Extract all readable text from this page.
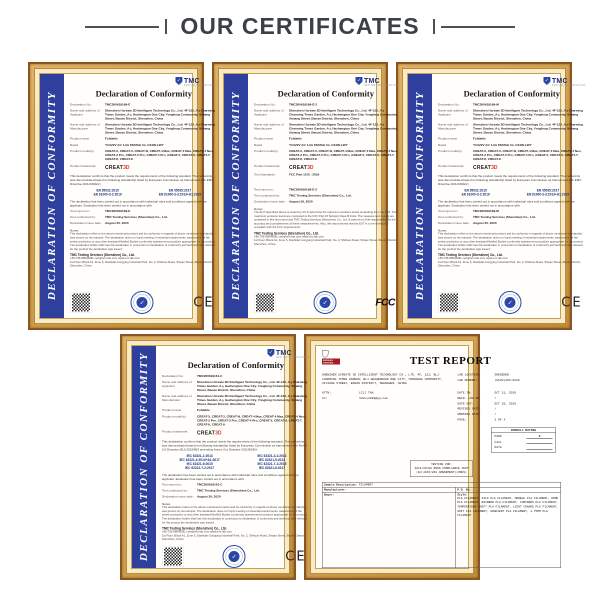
OUR CERTIFICATES
DECLARATION OF CONFORMITY
✓
TMC
TESTING CERTIFICATION
Declaration of Conformity
Declaration No.:	TMC200619169-E
Name and address of Applicant
Shenzhen Ucreate 3D Intelligent Technology Co., Ltd. 4F-122, A-j Charming Times Garden, A-j, Hezhengtun One City, Yongfeng Community, Xixiang Street, Baoan District, Shenzhen, China
Name and address of Manufacturer
Shenzhen Ucreate 3D Intelligent Technology Co., Ltd. 4F-122, A-j Charming Times Garden, A-j, Hezhengtun One City, Yongfeng Community, Xixiang Street, Baoan District, Shenzhen, China
Product name	Foldable
Rated	YC220V AC 4.2A 50/60Hz CL-C04W-LWY
Product model(s)	CREAT-3, CREAT-3, CREAT-N, CREAT-4 Max, CREAT-4 Max, CREAT-4 Neo, CREAT-2 Pro, CREAT-3 Pro, CREAT-4 Pro, CREAT-5, CREAT-6, CREAT-7, CREAT-8, CREAT-9
Product trademark CREAT3D
This declaration confirms that the product meets the requirements of the following standard. The conformity was demonstrated based on following standard(s) listed by European Commission as harmonized with EMC Directive (2014/30/EU):
EN 55032:2015	EN 55035:2017
EN 61000-3-2:2019	EN 61000-3-3:2013+A1:2019
The declaration has been carried out in accordance with individual rules and conditions agreed with the applicant. Evaluation has been carried out in accordance with:
Test report no.:	TMC200619169-E
Test conducted by:	TMC Testing Services (Shenzhen) Co., Ltd.
Declaration issue date: August 20, 2020
Notes:
This declaration refers to the above mentioned product and its conformity in regards of above mentioned standard(s) was proven on test sample. The declaration does not imply meeting of essential requirements, assessment of the series production or any other assistant/Notified Bodies conformity assessment procedure appropriate for the product. The declaration holder shall use this declaration in connection to declaration of conformity and technical data relevant for the product the declaration was issued.
TMC Testing Services (Shenzhen) Co., Ltd.
+86-755-88943381 cert@tmc-lab.com www.tmc-lab.com
1st Floor, Block A1, Zone 5, Dashidai Gongying Industrial Park, No. 2, Shihuan Road, Shiyan Street, Baoan District, Shenzhen, China
✓
CE
DECLARATION OF CONFORMITY
✓
TMC
TESTING CERTIFICATION
Declaration of Conformity
Declaration No.:	TMC200619169-E-2
Name and address of Applicant
Shenzhen Ucreate 3D Intelligent Technology Co., Ltd. 4F-122, A-j Charming Times Garden, A-j, Hezhengtun One City, Yongfeng Community, Xixiang Street, Baoan District, Shenzhen, China
Name and address of Manufacturer
Shenzhen Ucreate 3D Intelligent Technology Co., Ltd. 4F-122, A-j Charming Times Garden, A-j, Hezhengtun One City, Yongfeng Community, Xixiang Street, Baoan District, Shenzhen, China
Product name	Foldable
Rated	YC220V AC 4.2A 50/60Hz CL-C04W-LWY
Product model(s)	CREAT-3, CREAT-3, CREAT-N, CREAT-4 Max, CREAT-4 Max, CREAT-4 Neo, CREAT-2 Pro, CREAT-3 Pro, CREAT-4 Pro, CREAT-5, CREAT-6, CREAT-7, CREAT-8, CREAT-9
Product trademark CREAT3D
Test Standards:	FCC Part 15 B : 2019
Test report no.:	TMC200619169-E-2
Test conducted by:	TMC Testing Services (Shenzhen) Co., Ltd.
Declaration issue date: August 29, 2020
Notes:
The EUT described above is tested by US & determine the maximum emission levels emanating from the EUT. The maximum emission levels are compared to the FCC Part 15 Subpart Class B limits. The measurement results are contained in this test report and TMC Testing Services (Shenzhen) Co., Ltd. is assumed of full responsibility for the accuracy and completeness of these measurements. Also, this report shows that the EUT is to be technically compliant with the FCC requirements.
TMC Testing Services (Shenzhen) Co., Ltd.
+86-755-88943381 cert@tmc-lab.com www.tmc-lab.com
1st Floor, Block A1, Zone 5, Dashidai Gongying Industrial Park, No. 2, Shihuan Road, Shiyan Street, Baoan District, Shenzhen, China
✓
FCC
DECLARATION OF CONFORMITY
✓
TMC
TESTING CERTIFICATION
Declaration of Conformity
Declaration No.:	TMC200619169-M
Name and address of Applicant
Shenzhen Ucreate 3D Intelligent Technology Co., Ltd. 4F-122, A-j Charming Times Garden, A-j, Hezhengtun One City, Yongfeng Community, Xixiang Street, Baoan District, Shenzhen, China
Name and address of Manufacturer
Shenzhen Ucreate 3D Intelligent Technology Co., Ltd. 4F-122, A-j Charming Times Garden, A-j, Hezhengtun One City, Yongfeng Community, Xixiang Street, Baoan District, Shenzhen, China
Product name	Foldable
Rated	YC220V AC 4.2A 50/60Hz CL-C04W-LWY
Product model(s)	CREAT-3, CREAT-3, CREAT-N, CREAT-4 Max, CREAT-4 Max, CREAT-4 Neo, CREAT-2 Pro, CREAT-3 Pro, CREAT-4 Pro, CREAT-5, CREAT-6, CREAT-7, CREAT-8, CREAT-9
Product trademark CREAT3D
This declaration confirms that the product meets the requirements of the following standard. The conformity was demonstrated based on following standard(s) listed by European Commission as harmonized with EMC Directive (2014/30/EU):
EN 55032:2015	EN 55035:2017
EN 61000-3-2:2019	EN 61000-3-3:2013+A1:2019
The declaration has been carried out in accordance with individual rules and conditions agreed with the applicant. Evaluation has been carried out in accordance with:
Test report no.:	TMC200619169-M
Test conducted by:	TMC Testing Services (Shenzhen) Co., Ltd.
Declaration issue date: August 20, 2020
Notes:
This declaration refers to the above mentioned product and its conformity in regards of above mentioned standard(s) was proven on test sample. The declaration does not imply meeting of essential requirements, assessment of the series production or any other assistant/Notified Bodies conformity assessment procedure appropriate for the product. The declaration holder shall use this declaration in connection to declaration of conformity and technical data relevant for the product the declaration was issued.
TMC Testing Services (Shenzhen) Co., Ltd.
+86-755-88943381 cert@tmc-lab.com www.tmc-lab.com
1st Floor, Block A1, Zone 5, Dashidai Gongying Industrial Park, No. 2, Shihuan Road, Shiyan Street, Baoan District, Shenzhen, China
✓
CE
DECLARATION OF CONFORMITY ✓	TMC
TESTING CERTIFICATION
Declaration of Conformity
Declaration No.:	TMC200619161-C
Name and address of Applicant
Shenzhen Ucreate 3D Intelligent Technology Co., Ltd. 4F-122, A-j Charming Times Garden, A-j, Hezhengtun One City, Yongfeng Community, Xixiang Street, Baoan District, Shenzhen, China
Name and address of Manufacturer
Shenzhen Ucreate 3D Intelligent Technology Co., Ltd. 4F-122, A-j Charming Times Garden, A-j, Hezhengtun One City, Yongfeng Community, Xixiang Street, Baoan District, Shenzhen, China
Product name	Foldable
Product model(s)	CREAT-3, CREAT-3, CREAT-N, CREAT-4 Max, CREAT-4 Max, CREAT-4 Neo, CREAT-2 Pro, CREAT-3 Pro, CREAT-4 Pro, CREAT-5, CREAT-6, CREAT-7, CREAT-8, CREAT-9
Product trademark CREAT3D
This declaration confirms that the product meets the requirements of the following standard. The conformity was demonstrated based on following standard(s) listed by European Commission as harmonized with RoHS 2.0 Directive (EU) 2015/863 amending Annex II to Directive 2011/65/EU:
IEC 62321-1:2013	IEC 62321-3-1:2013
IEC 62321-4:2013+A1:2017	IEC 62321-5:2013
IEC 62321-6:2015	IEC 62321-7-1:2015
IEC 62321-7-2:2017	IEC 62321-8:2017
The declaration has been carried out in accordance with individual rules and conditions agreed with the applicant. Evaluation has been carried out in accordance with:
Test report no.:	TMC200619161-C
Test conducted by:	TMC Testing Services (Shenzhen) Co., Ltd.
Declaration issue date: August 29, 2020
Notes:
This declaration refers to the above mentioned product and its conformity in regards of above mentioned standard(s) was proven on test sample. The declaration does not imply meeting of essential requirements, assessment of the series production or any other assistant/Notified Bodies conformity assessment procedure appropriate for the product. The declaration holder shall use this declaration in connection to declaration of conformity and technical data relevant for the product the declaration was issued.
TMC Testing Services (Shenzhen) Co., Ltd.
+86-755-88943381 cert@tmc-lab.com www.tmc-lab.com
1st Floor, Block A1, Zone 5, Dashidai Gongying Industrial Park, No. 2, Shihuan Road, Shiyan Street, Baoan District, Shenzhen, China
✓
CE
BUREAU VERITAS	TEST REPORT
SHENZHEN UCREATE 3D INTELLIGENT TECHNOLOGY CO., LTD. 4F, 122, BLJ CHARMING TIMES GARDEN, BLJ HEZHENGDUN ONE CITY, YONGFENG COMMUNITY, XIXIANG STREET, BAOAN DISTRICT, SHENZHEN, CHINA
LAB LOCATION:	SHENZHEN
LAB NUMBER:	(8520)295-0232
ATTN:	LILI TAN
CC:	3dsky1983@qq.com
DATE IN:	OCT 21, 2020
RECD. LOG IN:	/
DATE OUT:	OCT 26, 2020
REVISED DATE:	/
WORKING DATE:	/
PAGE:	2 OF 4
OVERALL RATING
PASS	X
FAIL
DATA
TESTING FOR:
2011/65/EU ROHS COMPLIANCE TEST
(EU 2015/863 AMENDMENT)(ROHS)
Sample Description: FILAMENT
Manufacturer:
Buyer:
P.O. No.:
Style:
PLA FILAMENT, SILK PLA FILAMENT, MARBLE PLA FILAMENT, WOOD PLA FILAMENT, RAINBOW PLA FILAMENT, LUMINOUS PLA FILAMENT, TEMPERATURE SHIFT PLA FILAMENT, LIGHT CHANGE PLA FILAMENT, SOFT PLA FILAMENT, GRADIENT PLA FILAMENT, 1.75MM PLA FILAMENT
